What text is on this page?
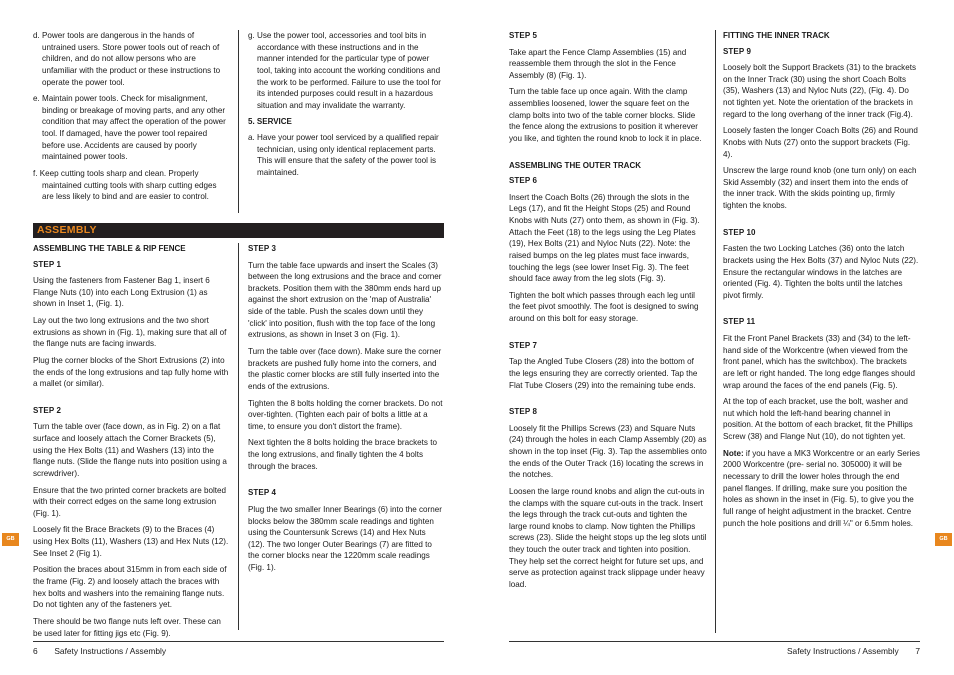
d. Power tools are dangerous in the hands of untrained users. Store power tools out of reach of children, and do not allow persons who are unfamiliar with the product or these instructions to operate the power tool.

e. Maintain power tools. Check for misalignment, binding or breakage of moving parts, and any other condition that may affect the operation of the power tool. If damaged, have the power tool repaired before use. Accidents are caused by poorly maintained power tools.

f. Keep cutting tools sharp and clean. Properly maintained cutting tools with sharp cutting edges are less likely to bind and are easier to control.

g. Use the power tool, accessories and tool bits in accordance with these instructions and in the manner intended for the particular type of power tool, taking into account the working conditions and the work to be performed. Failure to use the tool for its intended purposes could result in a hazardous situation and may invalidate the warranty.

5. SERVICE

a. Have your power tool serviced by a qualified repair technician, using only identical replacement parts. This will ensure that the safety of the power tool is maintained.

ASSEMBLY
ASSEMBLING THE TABLE & RIP FENCE
STEP 1

Using the fasteners from Fastener Bag 1, insert 6 Flange Nuts (10) into each Long Extrusion (1) as shown in Inset 1, (Fig. 1).

Lay out the two long extrusions and the two short extrusions as shown in (Fig. 1), making sure that all of the flange nuts are facing inwards.

Plug the corner blocks of the Short Extrusions (2) into the ends of the long extrusions and tap fully home with a mallet (or similar).

STEP 2

Turn the table over (face down, as in Fig. 2) on a flat surface and loosely attach the Corner Brackets (5), using the Hex Bolts (11) and Washers (13) into the flange nuts. (Slide the flange nuts into position using a screwdriver).

Ensure that the two printed corner brackets are bolted with their correct edges on the same long extrusion (Fig. 1).

Loosely fit the Brace Brackets (9) to the Braces (4) using Hex Bolts (11), Washers (13) and Hex Nuts (12). See Inset 2 (Fig 1).

Position the braces about 315mm in from each side of the frame (Fig. 2) and loosely attach the braces with hex bolts and washers into the remaining flange nuts. Do not tighten any of the fasteners yet.

There should be two flange nuts left over. These can be used later for fitting jigs etc (Fig. 9).

STEP 3

Turn the table face upwards and insert the Scales (3) between the long extrusions and the brace and corner brackets. Position them with the 380mm ends hard up against the short extrusion on the 'map of Australia' side of the table. Push the scales down until they 'click' into position, flush with the top face of the long extrusions, as shown in Inset 3 on (Fig. 1).

Turn the table over (face down). Make sure the corner brackets are pushed fully home into the corners, and the plastic corner blocks are still fully inserted into the ends of the extrusions.

Tighten the 8 bolts holding the corner brackets. Do not over-tighten. (Tighten each pair of bolts a little at a time, to ensure you don't distort the frame).

Next tighten the 8 bolts holding the brace brackets to the long extrusions, and finally tighten the 4 bolts through the braces.

STEP 4

Plug the two smaller Inner Bearings (6) into the corner blocks below the 380mm scale readings and tighten using the Countersunk Screws (14) and Hex Nuts (12). The two longer Outer Bearings (7) are fitted to the corner blocks near the 1220mm scale readings (Fig. 1).

GB
6 Safety Instructions / Assembly
STEP 5

Take apart the Fence Clamp Assemblies (15) and reassemble them through the slot in the Fence Assembly (8) (Fig. 1).

Turn the table face up once again. With the clamp assemblies loosened, lower the square feet on the clamp bolts into two of the table corner blocks. Slide the fence along the extrusions to position it wherever you like, and tighten the round knob to lock it in place.

ASSEMBLING THE OUTER TRACK
STEP 6

Insert the Coach Bolts (26) through the slots in the Legs (17), and fit the Height Stops (25) and Round Knobs with Nuts (27) onto them, as shown in (Fig. 3). Attach the Feet (18) to the legs using the Leg Plates (19), Hex Bolts (21) and Nyloc Nuts (22). Note: the raised bumps on the leg plates must face inwards, touching the legs (see lower Inset Fig. 3). The feet should face away from the leg slots (Fig. 3).

Tighten the bolt which passes through each leg until the feet pivot smoothly. The foot is designed to swing around on this bolt for easy storage.

STEP 7

Tap the Angled Tube Closers (28) into the bottom of the legs ensuring they are correctly oriented. Tap the Flat Tube Closers (29) into the remaining tube ends.

STEP 8

Loosely fit the Phillips Screws (23) and Square Nuts (24) through the holes in each Clamp Assembly (20) as shown in the top inset (Fig. 3). Tap the assemblies onto the ends of the Outer Track (16) locating the screws in the notches.

Loosen the large round knobs and align the cut-outs in the clamps with the square cut-outs in the track. Insert the legs through the track cut-outs and tighten the large round knobs to clamp. Now tighten the Phillips screws (23). Slide the height stops up the leg slots until they touch the outer track and tighten into position. They help set the correct height for future set ups, and serve as protection against track slippage under heavy load.

FITTING THE INNER TRACK
STEP 9

Loosely bolt the Support Brackets (31) to the brackets on the Inner Track (30) using the short Coach Bolts (35), Washers (13) and Nyloc Nuts (22), (Fig. 4). Do not tighten yet. Note the orientation of the brackets in regard to the long overhang of the inner track (Fig.4).

Loosely fasten the longer Coach Bolts (26) and Round Knobs with Nuts (27) onto the support brackets (Fig. 4).

Unscrew the large round knob (one turn only) on each Skid Assembly (32) and insert them into the ends of the inner track. With the skids pointing up, firmly tighten the knobs.

STEP 10

Fasten the two Locking Latches (36) onto the latch brackets using the Hex Bolts (37) and Nyloc Nuts (22). Ensure the rectangular windows in the latches are oriented (Fig. 4). Tighten the bolts until the latches pivot firmly.

STEP 11

Fit the Front Panel Brackets (33) and (34) to the left-hand side of the Workcentre (when viewed from the front panel, which has the switchbox). The brackets are left or right handed. The long edge flanges should wrap around the faces of the end panels (Fig. 5).

At the top of each bracket, use the bolt, washer and nut which hold the left-hand bearing channel in position. At the bottom of each bracket, fit the Phillips Screw (38) and Flange Nut (10), do not tighten yet.

Note: if you have a MK3 Workcentre or an early Series 2000 Workcentre (pre- serial no. 305000) it will be necessary to drill the lower holes through the end panel flanges. If drilling, make sure you position the holes as shown in the inset in (Fig. 5), to give you the full range of height adjustment in the bracket. Centre punch the hole positions and drill ¼" or 6.5mm holes.

GB
Safety Instructions / Assembly 7
